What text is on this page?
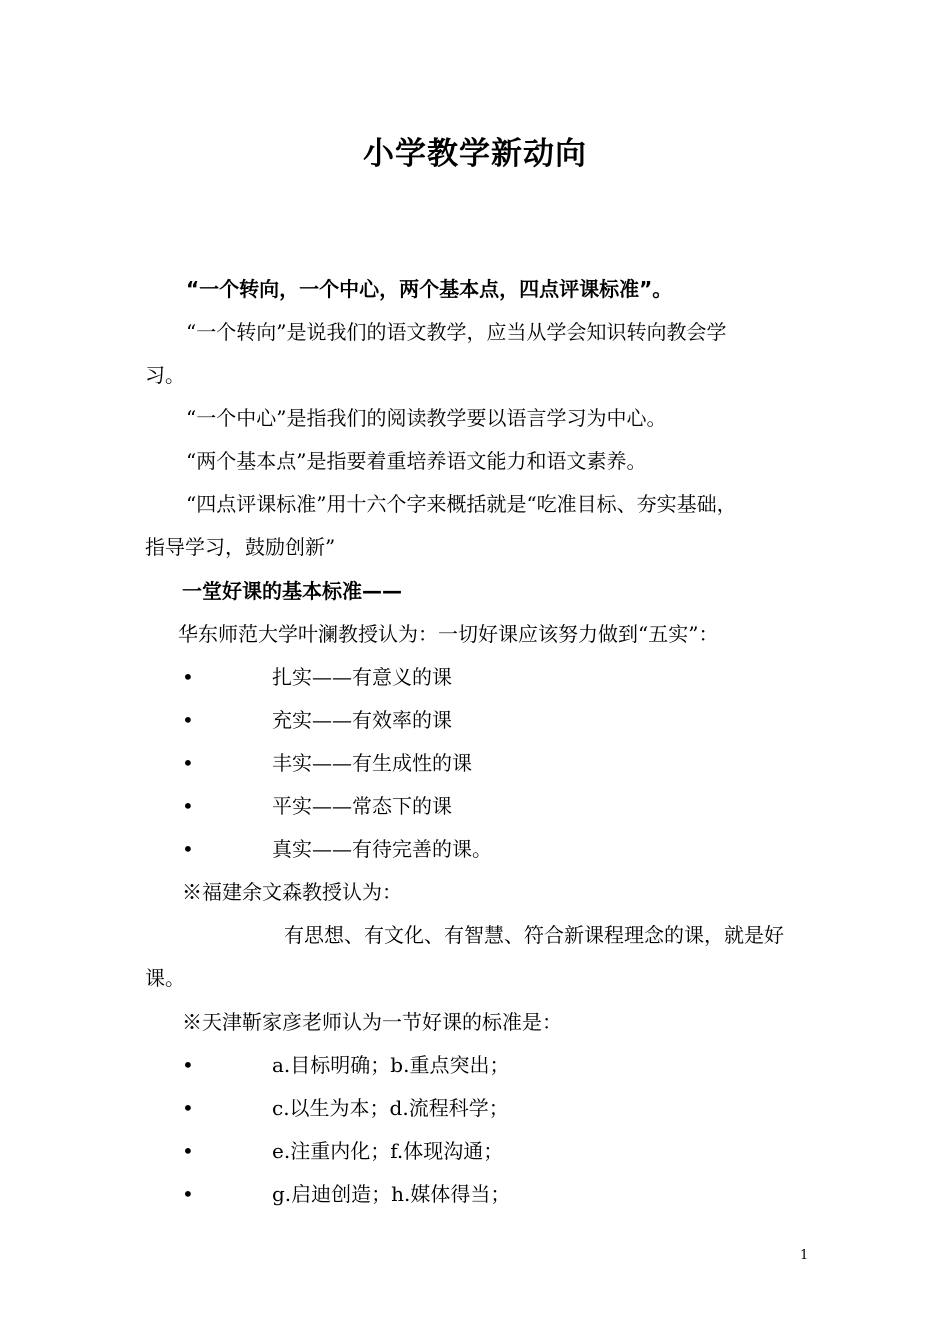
小学教学新动向
“一个转向，一个中心，两个基本点，四点评课标准”。
“一个转向”是说我们的语文教学，应当从学会知识转向教会学
习。
“一个中心”是指我们的阅读教学要以语言学习为中心。
“两个基本点”是指要着重培养语文能力和语文素养。
“四点评课标准”用十六个字来概括就是“吃准目标、夯实基础，
指导学习，鼓励创新”
一堂好课的基本标准——
华东师范大学叶澜教授认为：一切好课应该努力做到“五实”：
•	扎实——有意义的课
•	充实——有效率的课
•	丰实——有生成性的课
•	平实——常态下的课
•	真实——有待完善的课。
※福建余文森教授认为：
有思想、有文化、有智慧、符合新课程理念的课，就是好
课。
※天津靳家彦老师认为一节好课的标准是：
•	a.目标明确；b.重点突出；
•	c.以生为本；d.流程科学；
•	e.注重内化；f.体现沟通；
•	g.启迪创造；h.媒体得当；
1
